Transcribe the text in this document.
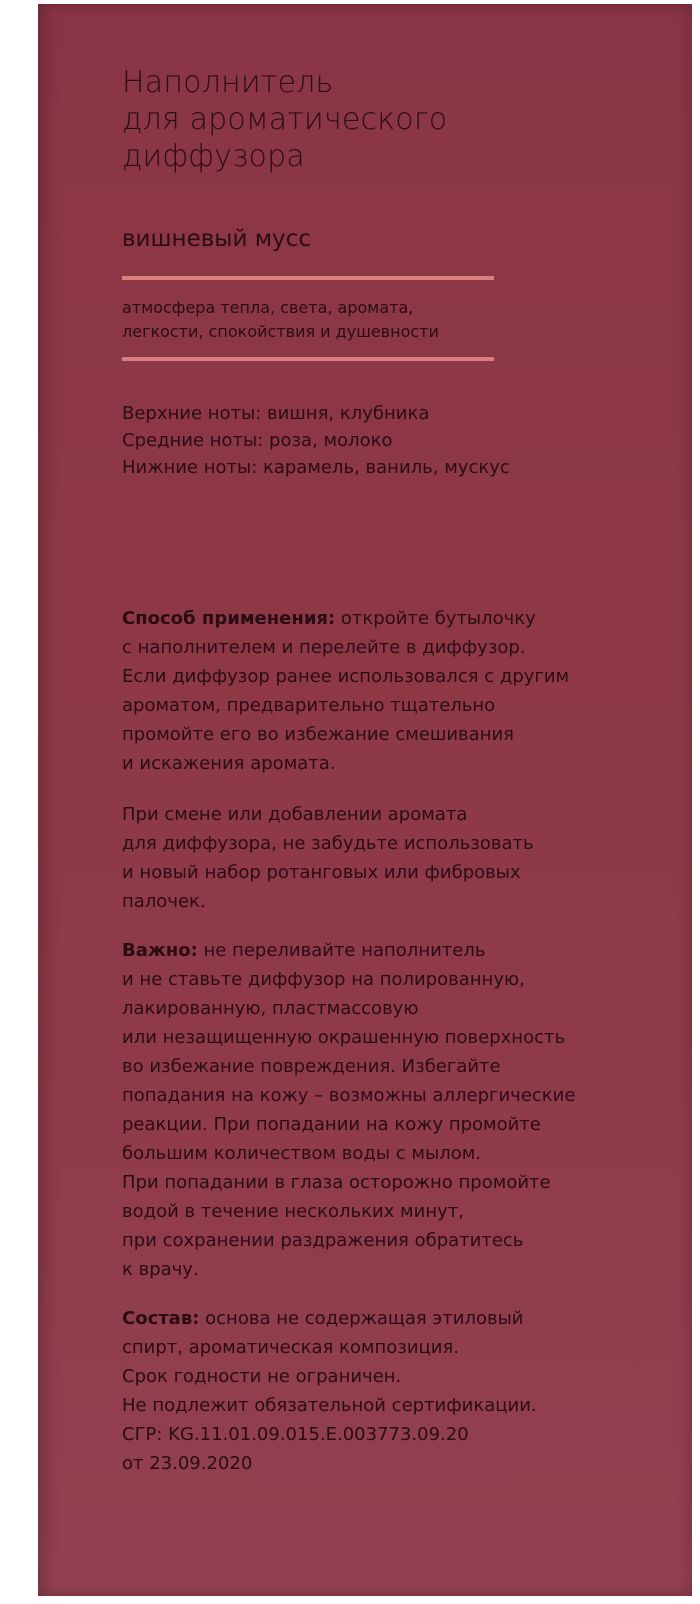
Наполнитель
для ароматического
диффузора
вишневый мусс
атмосфера тепла, света, аромата,
легкости, спокойствия и душевности
Верхние ноты: вишня, клубника
Средние ноты: роза, молоко
Нижние ноты: карамель, ваниль, мускус
Способ применения: откройте бутылочку
с наполнителем и перелейте в диффузор.
Если диффузор ранее использовался с другим
ароматом, предварительно тщательно
промойте его во избежание смешивания
и искажения аромата.
При смене или добавлении аромата
для диффузора, не забудьте использовать
и новый набор ротанговых или фибровых
палочек.
Важно: не переливайте наполнитель
и не ставьте диффузор на полированную,
лакированную, пластмассовую
или незащищенную окрашенную поверхность
во избежание повреждения. Избегайте
попадания на кожу – возможны аллергические
реакции. При попадании на кожу промойте
большим количеством воды с мылом.
При попадании в глаза осторожно промойте
водой в течение нескольких минут,
при сохранении раздражения обратитесь
к врачу.
Состав: основа не содержащая этиловый
спирт, ароматическая композиция.
Срок годности не ограничен.
Не подлежит обязательной сертификации.
СГР: KG.11.01.09.015.Е.003773.09.20
от 23.09.2020
